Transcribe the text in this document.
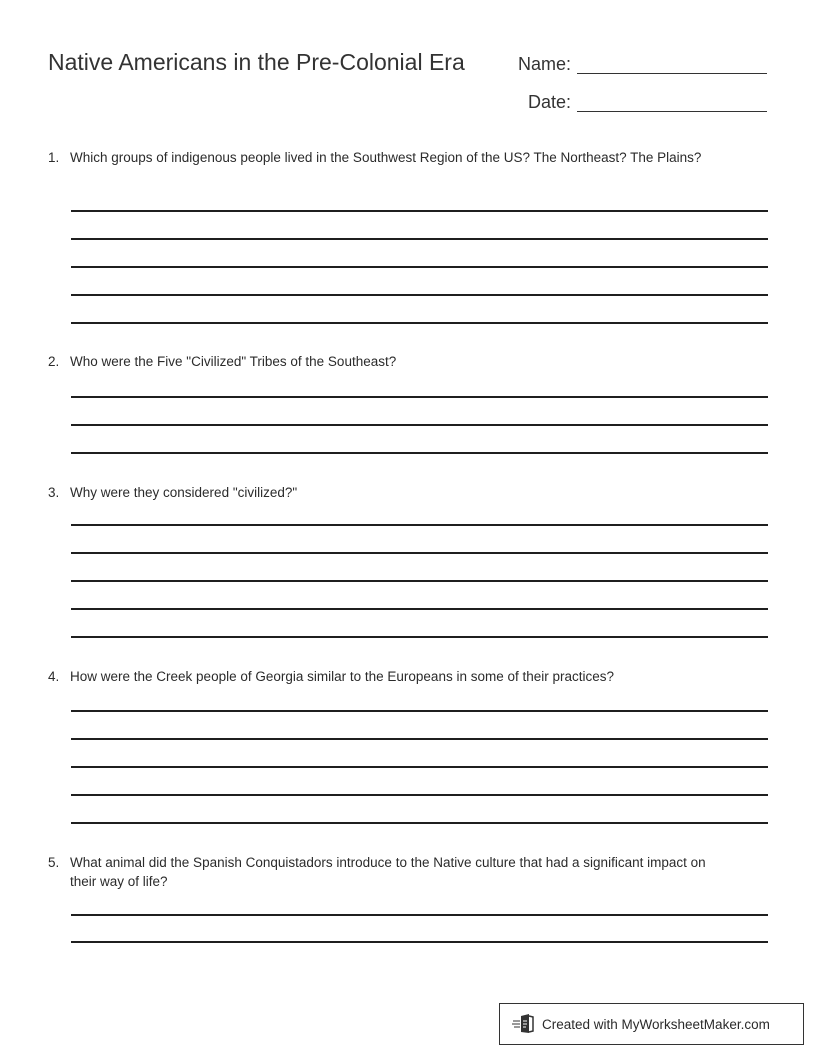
Native Americans in the Pre-Colonial Era	Name:
Date:
1. Which groups of indigenous people lived in the Southwest Region of the US? The Northeast? The Plains?
2. Who were the Five "Civilized" Tribes of the Southeast?
3. Why were they considered "civilized?"
4. How were the Creek people of Georgia similar to the Europeans in some of their practices?
5. What animal did the Spanish Conquistadors introduce to the Native culture that had a significant impact on their way of life?
Created with MyWorksheetMaker.com
